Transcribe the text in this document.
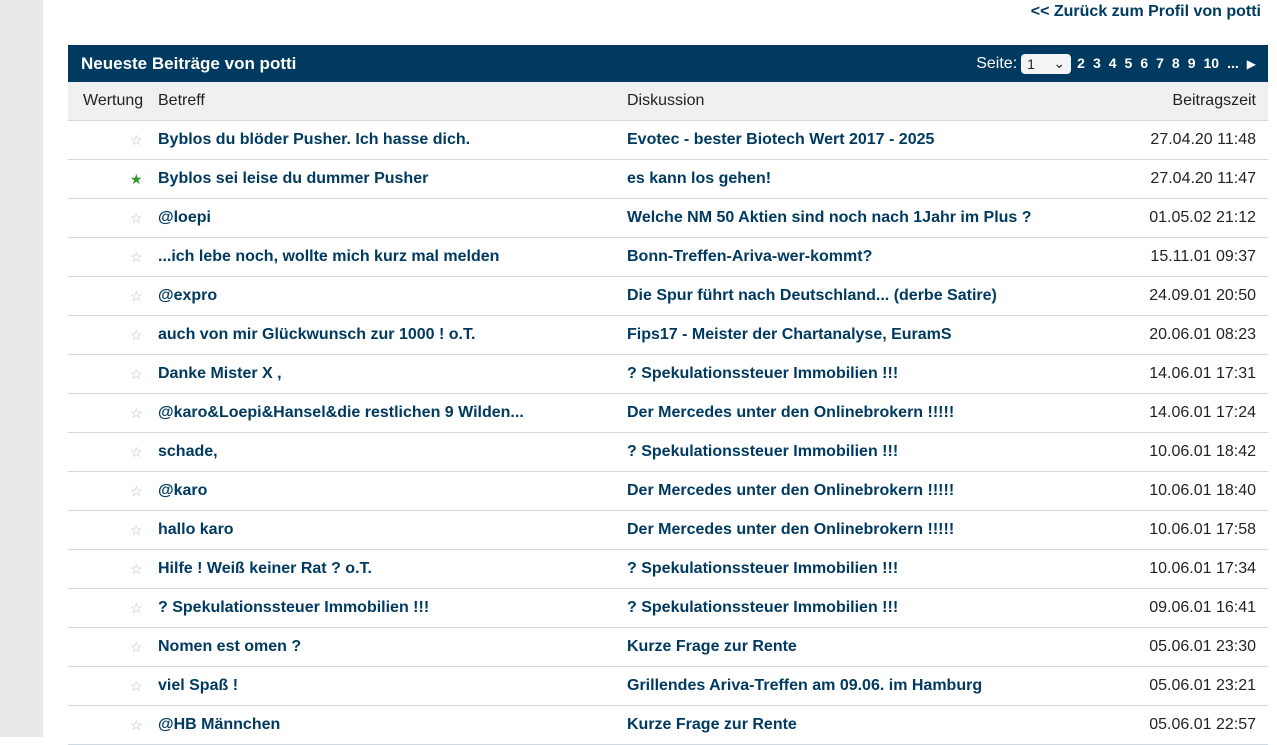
<< Zurück zum Profil von potti
Neueste Beiträge von potti	Seite: 1 ⌄ 2 3 4 5 6 7 8 9 10 ... ▶
Wertung Betreff	Diskussion	Beitragszeit
☆ Byblos du blöder Pusher. Ich hasse dich.	Evotec - bester Biotech Wert 2017 - 2025	27.04.20 11:48
★ Byblos sei leise du dummer Pusher	es kann los gehen!	27.04.20 11:47
☆ @loepi	Welche NM 50 Aktien sind noch nach 1Jahr im Plus ?	01.05.02 21:12
☆ ...ich lebe noch, wollte mich kurz mal melden	Bonn-Treffen-Ariva-wer-kommt?	15.11.01 09:37
☆ @expro	Die Spur führt nach Deutschland... (derbe Satire)	24.09.01 20:50
☆ auch von mir Glückwunsch zur 1000 ! o.T.	Fips17 - Meister der Chartanalyse, EuramS	20.06.01 08:23
☆ Danke Mister X ,	? Spekulationssteuer Immobilien !!!	14.06.01 17:31
☆ @karo&Loepi&Hansel&die restlichen 9 Wilden...	Der Mercedes unter den Onlinebrokern !!!!!	14.06.01 17:24
☆ schade,	? Spekulationssteuer Immobilien !!!	10.06.01 18:42
☆ @karo	Der Mercedes unter den Onlinebrokern !!!!!	10.06.01 18:40
☆ hallo karo	Der Mercedes unter den Onlinebrokern !!!!!	10.06.01 17:58
☆ Hilfe ! Weiß keiner Rat ? o.T.	? Spekulationssteuer Immobilien !!!	10.06.01 17:34
☆ ? Spekulationssteuer Immobilien !!!	? Spekulationssteuer Immobilien !!!	09.06.01 16:41
☆ Nomen est omen ?	Kurze Frage zur Rente	05.06.01 23:30
☆ viel Spaß !	Grillendes Ariva-Treffen am 09.06. im Hamburg	05.06.01 23:21
☆ @HB Männchen	Kurze Frage zur Rente	05.06.01 22:57
